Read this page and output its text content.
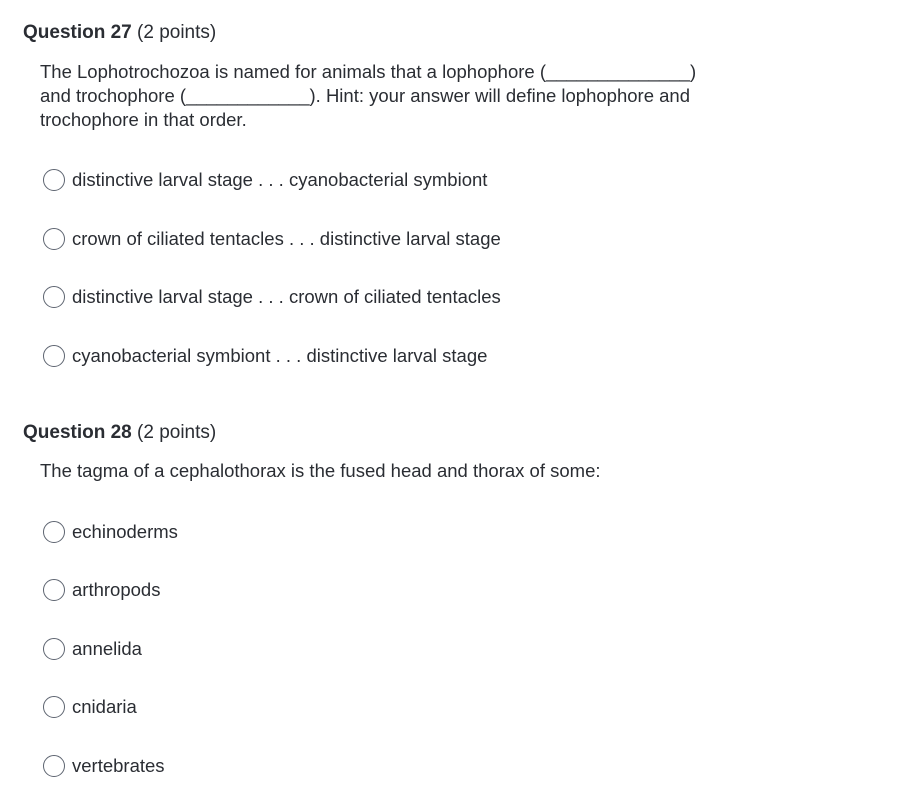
Question 27 (2 points)

The Lophotrochozoa is named for animals that a lophophore (______________)

and trochophore (____________). Hint: your answer will define lophophore and

trochophore in that order.

distinctive larval stage . . . cyanobacterial symbiont
crown of ciliated tentacles . . . distinctive larval stage
distinctive larval stage . . . crown of ciliated tentacles
cyanobacterial symbiont . . . distinctive larval stage
Question 28 (2 points)

The tagma of a cephalothorax is the fused head and thorax of some:

echinoderms
arthropods
annelida
cnidaria
vertebrates
